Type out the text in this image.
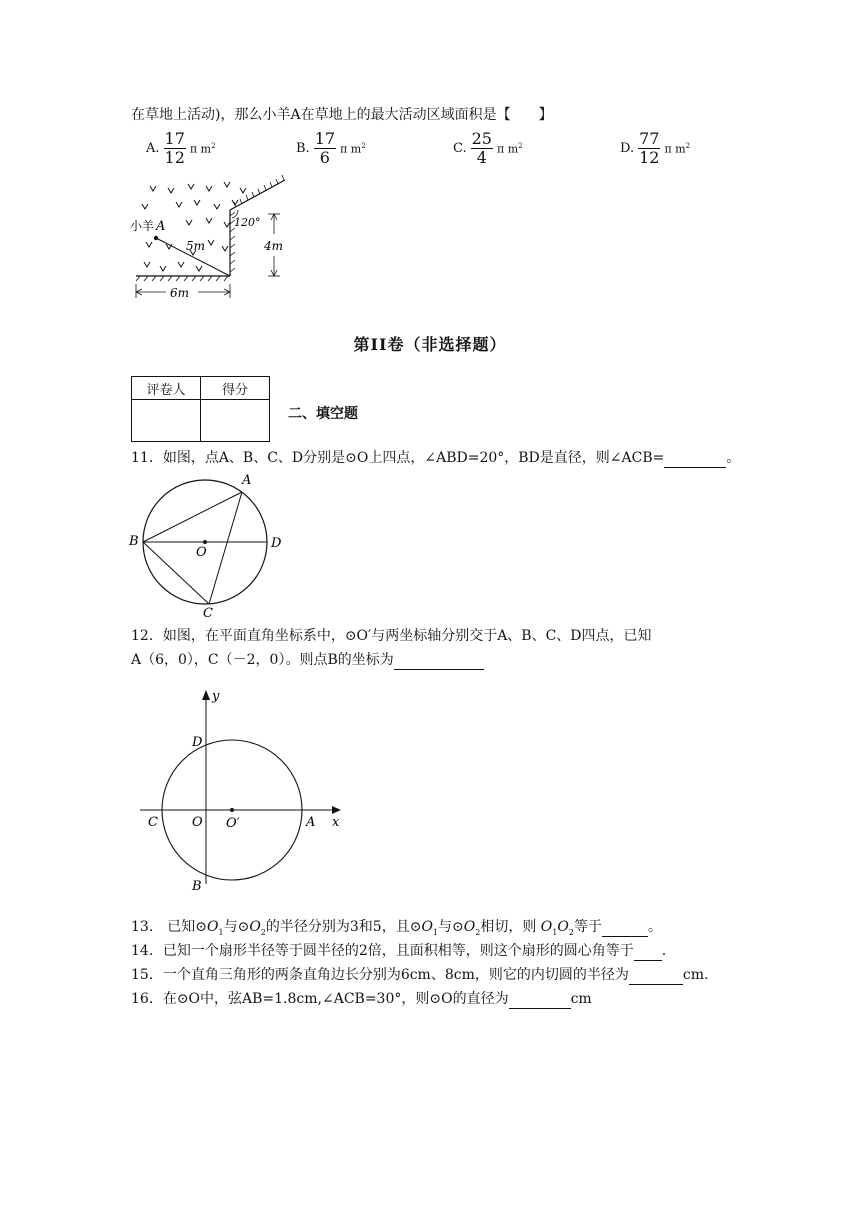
在草地上活动)，那么小羊A在草地上的最大活动区域面积是【　　】
A. $\frac{17}{12}$ π $m^2$	B. $\frac{17}{6}$ π $m^2$	C. $\frac{25}{4}$ π $m^2$	D. $\frac{77}{12}$ π $m^2$
小羊 A
5m
120°
4m
6m
第II卷（非选择题）
评卷人	得分

二、填空题
11．如图，点A、B、C、D分别是⊙O上四点，∠ABD=20°，BD是直径，则∠ACB=	。
B	D
A
C
O
12．如图，在平面直角坐标系中，⊙O′与两坐标轴分别交于A、B、C、D四点，已知
A（6，0），C（－2，0）。则点B的坐标为
y
x
D
C	O O′	A
B
13.　已知$⊙O_1$与$⊙O_2$的半径分别为3和5，且$⊙O_1$与$⊙O_2$相切，则 $O_1O_2$等于	。
14．已知一个扇形半径等于圆半径的2倍，且面积相等，则这个扇形的圆心角等于 .
15．一个直角三角形的两条直角边长分别为6cm、8cm，则它的内切圆的半径为	cm.
16．在⊙O中，弦AB=1.8cm,∠ACB=30°，则⊙O的直径为	cm
